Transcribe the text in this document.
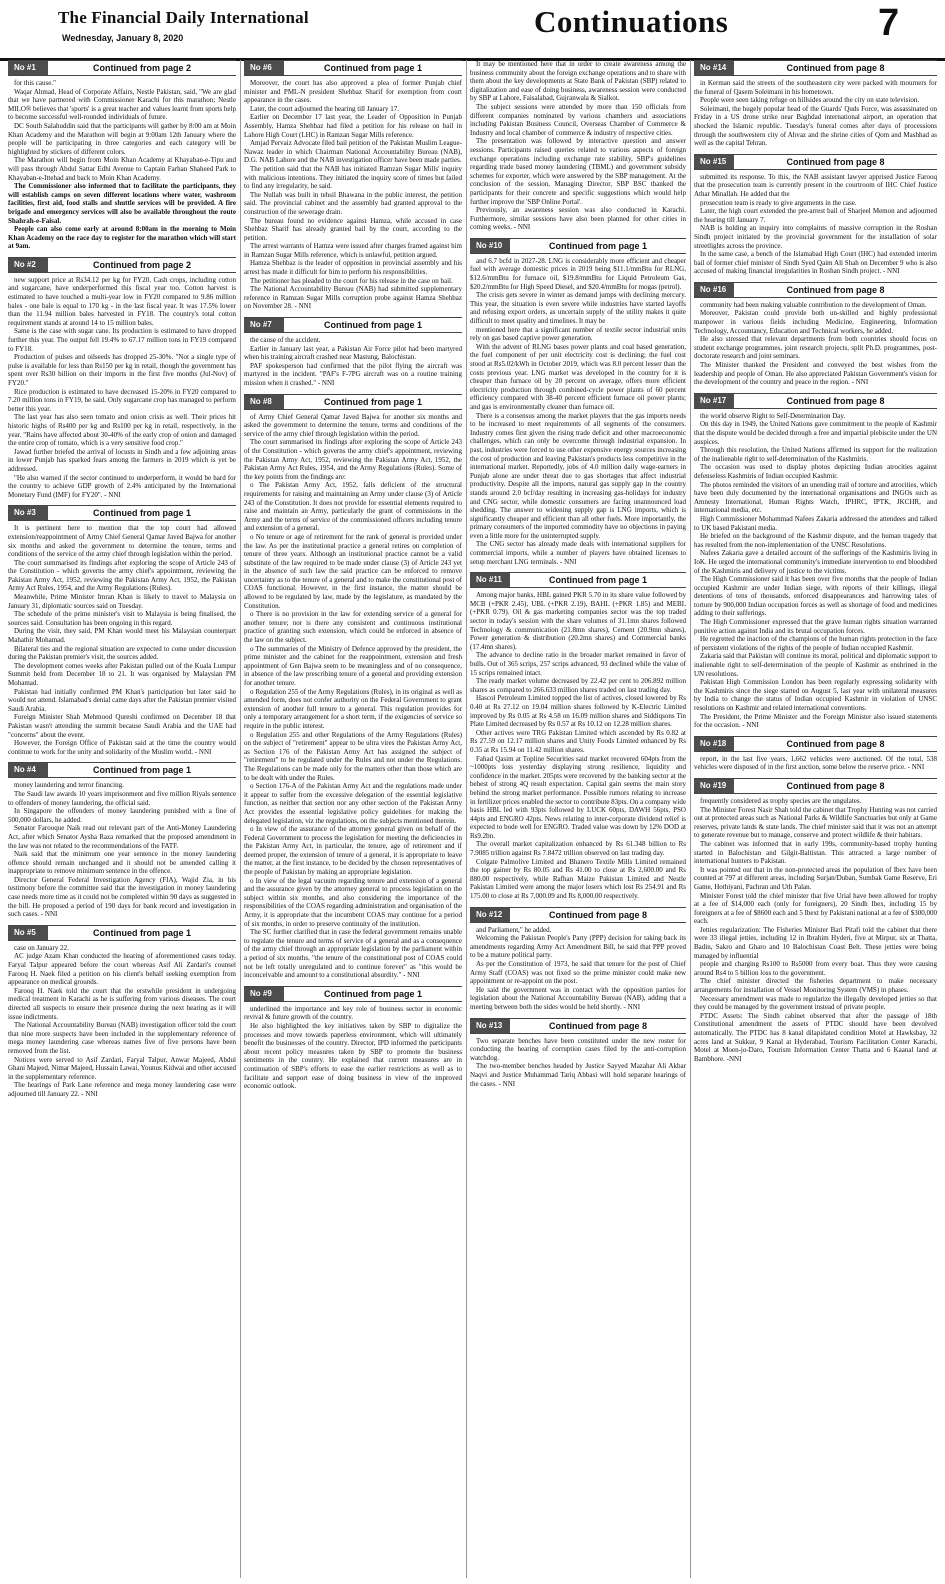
The Financial Daily International
Wednesday, January 8, 2020	Continuations	7
No #1	Continued from page 2

for this cause."

Waqar Ahmad, Head of Corporate Affairs, Nestle Pakistan, said, "We are glad that we have partnered with Commissioner Karachi for this marathon; Nestle MILO® believes that 'sports' is a great teacher and values learnt from sports help to become successful well-rounded individuals of future.

DC South Salahuddin said that the participants will gather by 8:00 am at Moin Khan Academy and the Marathon will begin at 9:00am 12th January where the people will be participating in three categories and each category will be highlighted by stickers of different colors.

The Marathon will begin from Moin Khan Academy at Khayaban-e-Tipu and will pass through Abdul Sattar Edhi Avenue to Captain Farhan Shaheed Park to Khayaban-e-Ittehad and back to Moin Khan Academy.

The Commissioner also informed that to facilitate the participants, they will establish camps on seven different locations where water, washroom facilities, first aid, food stalls and shuttle services will be provided. A fire brigade and emergency services will also be available throughout the route Shahrah-e-Faisal.

People can also come early at around 8:00am in the morning to Moin Khan Academy on the race day to register for the marathon which will start at 9am.

No #2	Continued from page 2

new support price at Rs34.12 per kg for FY20. Cash crops, including cotton and sugarcane, have underperformed this fiscal year too. Cotton harvest is estimated to have touched a multi-year low in FY20 compared to 9.86 million bales - one bale is equal to 170 kg - in the last fiscal year. It was 17.5% lower than the 11.94 million bales harvested in FY18. The country's total cotton requirement stands at around 14 to 15 million bales.

Same is the case with sugar cane. Its production is estimated to have dropped further this year. The output fell 19.4% to 67.17 million tons in FY19 compared to FY18.

Production of pulses and oilseeds has dropped 25-30%. "Not a single type of pulse is available for less than Rs150 per kg in retail, though the government has spent over Rs30 billion on their imports in the first five months (Jul-Nov) of FY20."

Rice production is estimated to have decreased 15-20% in FY20 compared to 7.20 million tons in FY19, he said. Only sugarcane crop has managed to perform better this year.

The last year has also seen tomato and onion crisis as well. Their prices hit historic highs of Rs400 per kg and Rs100 per kg in retail, respectively, in the year. "Rains have affected about 30-40% of the early crop of onion and damaged the entire crop of tomato, which is a very sensitive food crop."

Jawad further briefed the arrival of locusts in Sindh and a few adjoining areas in lower Punjab has sparked fears among the farmers in 2019 which is yet be addressed.

"He also warned if the sector continued to underperform, it would be hard for the country to achieve GDP growth of 2.4% anticipated by the International Monetary Fund (IMF) for FY20". - NNI

No #3	Continued from page 1

It is pertinent here to mention that the top court had allowed extension/reappointment of Army Chief General Qamar Javed Bajwa for another six months and asked the government to determine the tenure, terms and conditions of the service of the army chief through legislation within the period.

The court summarised its findings after exploring the scope of Article 243 of the Constitution - which governs the army chief's appointment, reviewing the Pakistan Army Act, 1952, reviewing the Pakistan Army Act, 1952, the Pakistan Army Act Rules, 1954, and the Army Regulations (Rules).

Meanwhile, Prime Minister Imran Khan is likely to travel to Malaysia on January 31, diplomatic sources said on Tuesday.

The schedule of the prime minister's visit to Malaysia is being finalised, the sources said. Consultation has been ongoing in this regard.

During the visit, they said, PM Khan would meet his Malaysian counterpart Mahathir Mohamad.

Bilateral ties and the regional situation are expected to come under discussion during the Pakistan premier's visit, the sources added.

The development comes weeks after Pakistan pulled out of the Kuala Lumpur Summit held from December 18 to 21. It was organised by Malaysian PM Mohamad.

Pakistan had initially confirmed PM Khan's participation but later said he would not attend. Islamabad's denial came days after the Pakistan premier visited Saudi Arabia.

Foreign Minister Shah Mehmood Qureshi confirmed on December 18 that Pakistan wasn't attending the summit because Saudi Arabia and the UAE had "concerns" about the event.

However, the Foreign Office of Pakistan said at the time the country would continue to work for the unity and solidarity of the Muslim world. - NNI

No #4	Continued from page 1

money laundering and terror financing.

The Saudi law awards 10 years imprisonment and five million Riyals sentence to offenders of money laundering, the official said.

In Singapore the offenders of money laundering punished with a fine of 500,000 dollars, he added.

Senator Farooque Naik read out relevant part of the Anti-Money Laundering Act, after which Senator Aysha Raza remarked that the proposed amendment in the law was not related to the recommendations of the FATF.

Naik said that the minimum one year sentence in the money laundering offence should remain unchanged and it should not be amended calling it inappropriate to remove minimum sentence in the offence.

Director General Federal Investigation Agency (FIA), Wajid Zia, in his testimony before the committee said that the investigation in money laundering case needs more time as it could not be completed within 90 days as suggested in the bill. He proposed a period of 190 days for bank record and investigation in such cases. - NNI

No #5	Continued from page 1

case on January 22.

AC judge Azam Khan conducted the hearing of aforementioned cases today. Faryal Talpur appeared before the court whereas Asif Ali Zardari's counsel Farooq H. Naek filed a petition on his client's behalf seeking exemption from appearance on medical grounds.

Farooq H. Naek told the court that the erstwhile president in undergoing medical treatment in Karachi as he is suffering from various diseases. The court directed all suspects to ensure their presence during the next hearing as it will issue indictments.

The National Accountability Bureau (NAB) investigation officer told the court that nine more suspects have been included in the supplementary reference of mega money laundering case whereas names five of five persons have been removed from the list.

Notices were served to Asif Zardari, Faryal Talpur, Anwar Majeed, Abdul Ghani Majeed, Nimar Majeed, Hussain Lawai, Younus Kidwai and other accused in the supplementary reference.

The hearings of Park Lane reference and mega money laundering case were adjourned till January 22. - NNI

No #6	Continued from page 1

Moreover, the court has also approved a plea of former Punjab chief minister and PML-N president Shehbaz Sharif for exemption from court appearance in the cases.

Later, the court adjourned the hearing till January 17.

Earlier on December 17 last year, the Leader of Opposition in Punjab Assembly, Hamza Shehbaz had filed a petition for his release on bail in Lahore High Court (LHC) in Ramzan Sugar Mills reference.

Amjad Pervaiz Advocate filed bail petition of the Pakistan Muslim League-Nawaz leader in which Chairman National Accountability Bureau (NAB), D.G. NAB Lahore and the NAB investigation officer have been made parties.

The petition said that the NAB has initiated Ramzan Sugar Mills' inquiry with malicious intentions. They initiated the inquiry score of times but failed to find any irregularity, he said.

The Nullah was built in tehsil Bhawana in the public interest, the petition said. The provincial cabinet and the assembly had granted approval to the construction of the sewerage drain.

The bureau found no evidence against Hamza, while accused in case Shehbaz Sharif has already granted bail by the court, according to the petition.

The arrest warrants of Hamza were issued after charges framed against him in Ramzan Sugar Mills reference, which is unlawful, petition argued.

Hamza Shehbaz is the leader of opposition in provincial assembly and his arrest has made it difficult for him to perform his responsibilities.

The petitioner has pleaded to the court for his release in the case on bail.

The National Accountability Bureau (NAB) had submitted supplementary reference in Ramzan Sugar Mills corruption probe against Hamza Shehbaz on November 28. - NNI

No #7	Continued from page 1

the cause of the accident.

Earlier in January last year, a Pakistan Air Force pilot had been martyred when his training aircraft crashed near Mastung, Balochistan.

PAF spokesperson had confirmed that the pilot flying the aircraft was martyred in the incident. "PAF's F-7PG aircraft was on a routine training mission when it crashed." - NNI

No #8	Continued from page 1

of Army Chief General Qamar Javed Bajwa for another six months and asked the government to determine the tenure, terms and conditions of the service of the army chief through legislation within the period.

The court summarised its findings after exploring the scope of Article 243 of the Constitution - which governs the army chief's appointment, reviewing the Pakistan Army Act, 1952, reviewing the Pakistan Army Act, 1952, the Pakistan Army Act Rules, 1954, and the Army Regulations (Rules). Some of the key points from the findings are:

o The Pakistan Army Act, 1952, falls deficient of the structural requirements for raising and maintaining an Army under clause (3) of Article 243 of the Constitution. It does not provide for essential elements required to raise and maintain an Army, particularly the grant of commissions in the Army and the terms of service of the commissioned officers including tenure and extension of a general.

o No tenure or age of retirement for the rank of general is provided under the law. As per the institutional practice a general retires on completion of tenure of three years. Although an institutional practice cannot be a valid substitute of the law required to be made under clause (3) of Article 243 yet in the absence of such law the said practice can be enforced to remove uncertainty as to the tenure of a general and to make the constitutional post of COAS functional. However, in the first instance, the matter should be allowed to be regulated by law, made by the legislature, as mandated by the Constitution.

o There is no provision in the law for extending service of a general for another tenure; nor is there any consistent and continuous institutional practice of granting such extension, which could be enforced in absence of the law on the subject.

o The summaries of the Ministry of Defence approved by the president, the prime minister and the cabinet for the reappointment, extension and fresh appointment of Gen Bajwa seem to be meaningless and of no consequence, in absence of the law prescribing tenure of a general and providing extension for another tenure.

o Regulation 255 of the Army Regulations (Rules), in its original as well as amended form, does not confer authority on the Federal Government to grant extension of another full tenure to a general. This regulation provides for only a temporary arrangement for a short term, if the exigencies of service so require in the public interest.

o Regulation 255 and other Regulations of the Army Regulations (Rules) on the subject of "retirement" appear to be ultra vires the Pakistan Army Act, as Section 176 of the Pakistan Army Act has assigned the subject of "retirement" to be regulated under the Rules and not under the Regulations. The Regulations can be made only for the matters other than those which are to be dealt with under the Rules.

o Section 176-A of the Pakistan Army Act and the regulations made under it appear to suffer from the excessive delegation of the essential legislative function, as neither that section nor any other section of the Pakistan Army Act provides the essential legislative policy guidelines for making the delegated legislation, viz the regulations, on the subjects mentioned therein.

o In view of the assurance of the attorney general given on behalf of the Federal Government to process the legislation for meeting the deficiencies in the Pakistan Army Act, in particular, the tenure, age of retirement and if deemed proper, the extension of tenure of a general, it is appropriate to leave the matter, at the first instance, to be decided by the chosen representatives of the people of Pakistan by making an appropriate legislation.

o In view of the legal vacuum regarding tenure and extension of a general and the assurance given by the attorney general to process legislation on the subject within six months, and also considering the importance of the responsibilities of the COAS regarding administration and organisation of the Army, it is appropriate that the incumbent COAS may continue for a period of six months, in order to preserve continuity of the institution.

The SC further clarified that in case the federal government remains unable to regulate the tenure and terms of service of a general and as a consequence of the army chief through an appropriate legislation by the parliament within a period of six months, "the tenure of the constitutional post of COAS could not be left totally unregulated and to continue forever" as "this would be inconceivable and amount to a constitutional absurdity." - NNI

No #9	Continued from page 1

underlined the importance and key role of business sector in economic revival & future growth of the country.

He also highlighted the key initiatives taken by SBP to digitalize the processes and move towards paperless environment, which will ultimately benefit the businesses of the country. Director, IPD informed the participants about recent policy measures taken by SBP to promote the business sentiments in the country. He explained that current measures are in continuation of SBP's efforts to ease the earlier restrictions as well as to facilitate and support ease of doing business in view of the improved economic outlook.

It may be mentioned here that in order to create awareness among the business community about the foreign exchange operations and to share with them about the key developments at State Bank of Pakistan (SBP) related to digitalization and ease of doing business, awareness session were conducted by SBP at Lahore, Faisalabad, Gujranwala & Sialkot.

The subject sessions were attended by more than 150 officials from different companies nominated by various chambers and associations including Pakistan Business Council, Overseas Chamber of Commerce & Industry and local chamber of commerce & industry of respective cities.

The presentation was followed by interactive question and answer sessions. Participants raised queries related to various aspects of foreign exchange operations including exchange rate stability, SBP's guidelines regarding trade based money laundering (TBML) and government subsidy schemes for exporter, which were answered by the SBP management. At the conclusion of the session, Managing Director, SBP BSC thanked the participants for their concrete and specific suggestions which would help further improve the 'SBP Online Portal'.

Previously, an awareness session was also conducted in Karachi. Furthermore, similar sessions have also been planned for other cities in coming weeks. - NNI

No #10	Continued from page 1

and 6.7 bcfd in 2027-28. LNG is considerably more efficient and cheaper fuel with average domestic prices in 2019 being $11.1/mmBtu for RLNG, $12.6/mmBtu for furnace oil, $19.8/mmBtu for Liquid Petroleum Gas, $20.2/mmBtu for High Speed Diesel, and $20.4/mmBtu for mogas (petrol).

The crisis gets severe in winter as demand jumps with declining mercury. This year, the situation is even severe while industries have started layoffs and refusing export orders, as uncertain supply of the utility makes it quite difficult to meet quality and timelines. It may be

mentioned here that a significant number of textile sector industrial units rely on gas based captive power generation.

With the advent of RLNG bases power plants and coal based generation, the fuel component of per unit electricity cost is declining; the fuel cost stood at Rs5.02/kWh in October 2019, which was 8.0 percent lesser than the costs previous year. LNG market was developed in the country for it is cheaper than furnace oil by 20 percent on average, offers more efficient electricity production through combined-cycle power plants of 60 percent efficiency compared with 38-40 percent efficient furnace oil power plants; and gas is environmentally cleaner than furnace oil.

There is a consensus among the market players that the gas imports needs to be increased to meet requirements of all segments of the consumers. Industry comes first given the rising trade deficit and other macroeconomic challenges, which can only be overcome through industrial expansion. In past, industries were forced to use other expensive energy sources increasing the cost of production and leaving Pakistan's products less competitive in the international market. Reportedly, jobs of 4.0 million daily wage-earners in Punjab alone are under threat due to gas shortages that affect industrial productivity. Despite all the imports, natural gas supply gap in the country stands around 2.0 bcf/day resulting in increasing gas-holidays for industry and CNG sector, while domestic consumers are facing unannounced load shedding. The answer to widening supply gap is LNG imports, which is significantly cheaper and efficient than all other fuels. More importantly, the primary consumers of the imported commodity have no objections in paying even a little more for the uninterrupted supply.

The CNG sector has already made deals with international suppliers for commercial imports, while a number of players have obtained licenses to setup merchant LNG terminals. - NNI

No #11	Continued from page 1

Among major banks, HBL gained PKR 5.70 in its share value followed by MCB (+PKR 2.45), UBL (+PKR 2.19), BAHL (+PKR 1.85) and MEBL (+PKR 0.79). Oil & gas marketing companies sector was the top traded sector in today's session with the share volumes of 31.1mn shares followed Technology & communication (21.8mn shares), Cement (20.9mn shares), Power generation & distribution (20.2mn shares) and Commercial banks (17.4mn shares).

The advance to decline ratio in the broader market remained in favor of bulls. Out of 365 scrips, 257 scrips advanced, 93 declined while the value of 15 scrips remained intact.

The ready market volume decreased by 22.42 per cent to 206.892 million shares as compared to 266.633 million shares traded on last trading day.

Hascol Petroleum Limited topped the list of actives, closed lowered by Rs 0.40 at Rs 27.12 on 19.04 million shares followed by K-Electric Limited improved by Rs 0.05 at Rs 4.58 on 16.09 million shares and Siddiqsons Tin Plate Limited decreased by Rs 0.57 at Rs 10.12 on 12.28 million shares.

Other actives were TRG Pakistan Limited which ascended by Rs 0.82 at Rs 27.59 on 12.17 million shares and Unity Foods Limited enhanced by Rs 0.35 at Rs 15.94 on 11.42 million shares.

Fahad Qasim at Topline Securities said market recovered 604pts from the ~1000pts loss yesterday displaying strong resilience, liquidity and confidence in the market. 205pts were recovered by the banking sector at the behest of strong 4Q result expectation. Capital gain seems the main story behind the strong market performance. Possible rumors relating to increase in fertilizer prices enabled the sector to contribute 83pts. On a company wide basis HBL led with 93pts followed by LUCK 60pts, DAWH 56pts, PSO 44pts and ENGRO 42pts. News relating to inter-corporate dividend relief is expected to bode well for ENGRO. Traded value was down by 12% DOD at Rs9.2bn.

The overall market capitalization enhanced by Rs 61.348 billion to Rs 7.9085 trillion against Rs 7.8472 trillion observed on last trading day.

Colgate Palmolive Limited and Bhanero Textile Mills Limited remained the top gainer by Rs 80.05 and Rs 41.00 to close at Rs 2,600.00 and Rs 880.00 respectively, while Rafhan Maize Pakistan Limited and Nestle Pakistan Limited were among the major losers which lost Rs 254.91 and Rs 175.00 to close at Rs 7,000.09 and Rs 8,000.00 respectively.

No #12	Continued from page 8

and Parliament," he added.

Welcoming the Pakistan People's Party (PPP) decision for taking back its amendments regarding Army Act Amendment Bill, he said that PPP proved to be a mature political party.

As per the Constitution of 1973, he said that tenure for the post of Chief Army Staff (COAS) was not fixed so the prime minister could make new appointment or re-appoint on the post.

He said the government was in contact with the opposition parties for legislation about the National Accountability Bureau (NAB), adding that a meeting between both the sides would be held shortly. - NNI

No #13	Continued from page 8

Two separate benches have been constituted under the new roster for conducting the hearing of corruption cases filed by the anti-corruption watchdog.

The two-member benches headed by Justice Sayyed Mazahar Ali Akbar Naqvi and Justice Muhammad Tariq Abbasi will hold separate hearings of the cases. - NNI

No #14	Continued from page 8

in Kerman said the streets of the southeastern city were packed with mourners for the funeral of Qasem Soleimani in his hometown.

People were seen taking refuge on hillsides around the city on state television.

Soleimani, the hugely popular head of the Guards' Quds Force, was assassinated on Friday in a US drone strike near Baghdad international airport, an operation that shocked the Islamic republic. Tuesday's funeral comes after days of processions through the southwestern city of Ahvaz and the shrine cities of Qom and Mashhad as well as the capital Tehran.

No #15	Continued from page 8

submitted its response. To this, the NAB assistant lawyer apprised Justice Farooq that the prosecution team is currently present in the courtroom of IHC Chief Justice Athar Minallah. He added that the

prosecution team is ready to give arguments in the case.

Later, the high court extended the pre-arrest bail of Sharjeel Memon and adjourned the hearing till January 7.

NAB is holding an inquiry into complaints of massive corruption in the Roshan Sindh project initiated by the provincial government for the installation of solar streetlights across the province.

In the same case, a bench of the Islamabad High Court (IHC) had extended interim bail of former chief minister of Sindh Syed Qaim Ali Shah on December 9 who is also accused of making financial irregularities in Roshan Sindh project. - NNI

No #16	Continued from page 8

community had been making valuable contribution to the development of Oman.

Moreover, Pakistan could provide both un-skilled and highly professional manpower in various fields including Medicine, Engineering, Information Technology, Accountancy, Education and Technical workers, he added.

He also stressed that relevant departments from both countries should focus on student exchange programmes, joint research projects, split Ph.D. programmes, post-doctorate research and joint seminars.

The Minister thanked the President and conveyed the best wishes from the leadership and people of Oman. He also appreciated Pakistan Government's vision for the development of the country and peace in the region. - NNI

No #17	Continued from page 8

the world observe Right to Self-Determination Day.

On this day in 1949, the United Nations gave commitment to the people of Kashmir that the dispute would be decided through a free and impartial plebiscite under the UN auspices.

Through this resolution, the United Nations affirmed its support for the realization of the inalienable right to self-determination of the Kashmiris.

The occasion was used to display photos depicting Indian atrocities against defenseless Kashmiris of Indian occupied Kashmir.

The photos reminded the visitors of an unending trail of torture and atrocities, which have been duly documented by the international organisations and INGOs such as Amnesty International, Human Rights Watch, IPHRC, IPTK, JKCHR, and international media, etc.

High Commissioner Mohammad Nafees Zakaria addressed the attendees and talked to UK based Pakistani media.

He briefed on the background of the Kashmir dispute, and the human tragedy that has resulted from the non-implementation of the UNSC Resolutions.

Nafees Zakaria gave a detailed account of the sufferings of the Kashmiris living in IoK. He urged the international community's immediate intervention to end bloodshed of the Kashmiris and delivery of justice to the victims.

The High Commissioner said it has been over five months that the people of Indian occupied Kashmir are under Indian siege, with reports of their killings, illegal detentions of tens of thousands, enforced disappearances and harrowing tales of torture by 900,000 Indian occupation forces as well as shortage of food and medicines adding to their sufferings.

The High Commissioner expressed that the grave human rights situation warranted punitive action against India and its brutal occupation forces.

He regretted the inaction of the champions of the human rights protection in the face of persistent violations of the rights of the people of Indian occupied Kashmir.

Zakaria said that Pakistan will continue its moral, political and diplomatic support to inalienable right to self-determination of the people of Kashmir as enshrined in the UN resolutions.

Pakistan High Commission London has been regularly expressing solidarity with the Kashmiris since the siege started on August 5, last year with unilateral measures by India to change the status of Indian occupied Kashmir in violation of UNSC resolutions on Kashmir and related international conventions.

The President, the Prime Minister and the Foreign Minister also issued statements for the occasion. - NNI

No #18	Continued from page 8

report, in the last five years, 1,662 vehicles were auctioned. Of the total, 538 vehicles were disposed of in the first auction, some below the reserve price. - NNI

No #19	Continued from page 8

frequently considered as trophy species are the ungulates.

The Minister Forest Nasir Shah told the cabinet that Trophy Hunting was not carried out at protected areas such as National Parks & Wildlife Sanctuaries but only at Game reserves, private lands & state lands. The chief minister said that it was not an attempt to generate revenue but to manage, conserve and protect wildlife & their habitats.

The cabinet was informed that in early 199s, community-based trophy hunting started in Balochistan and Gilgit-Baltistan. This attracted a large number of international hunters to Pakistan.

It was pointed out that in the non-protected areas the population of Ibex have been counted at 797 at different areas, including Surjan/Duban, Sumbak Game Reserve, Eri Game, Hothiyani, Pachran and Uth Palan.

Minister Forest told the chief minister that five Urial have been allowed for trophy at a fee of $14,000 each (only for foreigners), 20 Sindh Ibex, including 15 by foreigners at a fee of $8600 each and 5 Ibext by Pakistani national at a fee of $300,000 each.

Jetties regularization: The Fisheries Minister Bari Pitafi told the cabinet that there were 33 illegal jetties, including 12 in Ibrahim Hyderi, five at Mirpur, six at Thatta, Badin, Sakro and Gharo and 10 Balochistan Coast Belt. These jetties were being managed by influential

people and charging Rs100 to Rs5000 from every boat. Thus they were causing around Rs4 to 5 billion loss to the government.

The chief minister directed the fisheries department to make necessary arrangements for installation of Vessel Monitoring System (VMS) in phases.

Necessary amendment was made to regularize the illegally developed jetties so that they could be managed by the government instead of private people.

PTDC Assets: The Sindh cabinet observed that after the passage of 18th Constitutional amendment the assets of PTDC should have been devolved automatically. The PTDC has 8 kanal dilapidated condition Motel at Hawksbay, 32 acres land at Sukkur, 9 Kanal at Hyderabad, Tourism Facilitation Center Karachi, Motel at Moen-jo-Daro, Tourism Information Center Thatta and 6 Kaanal land at Bambhore. -NNI
